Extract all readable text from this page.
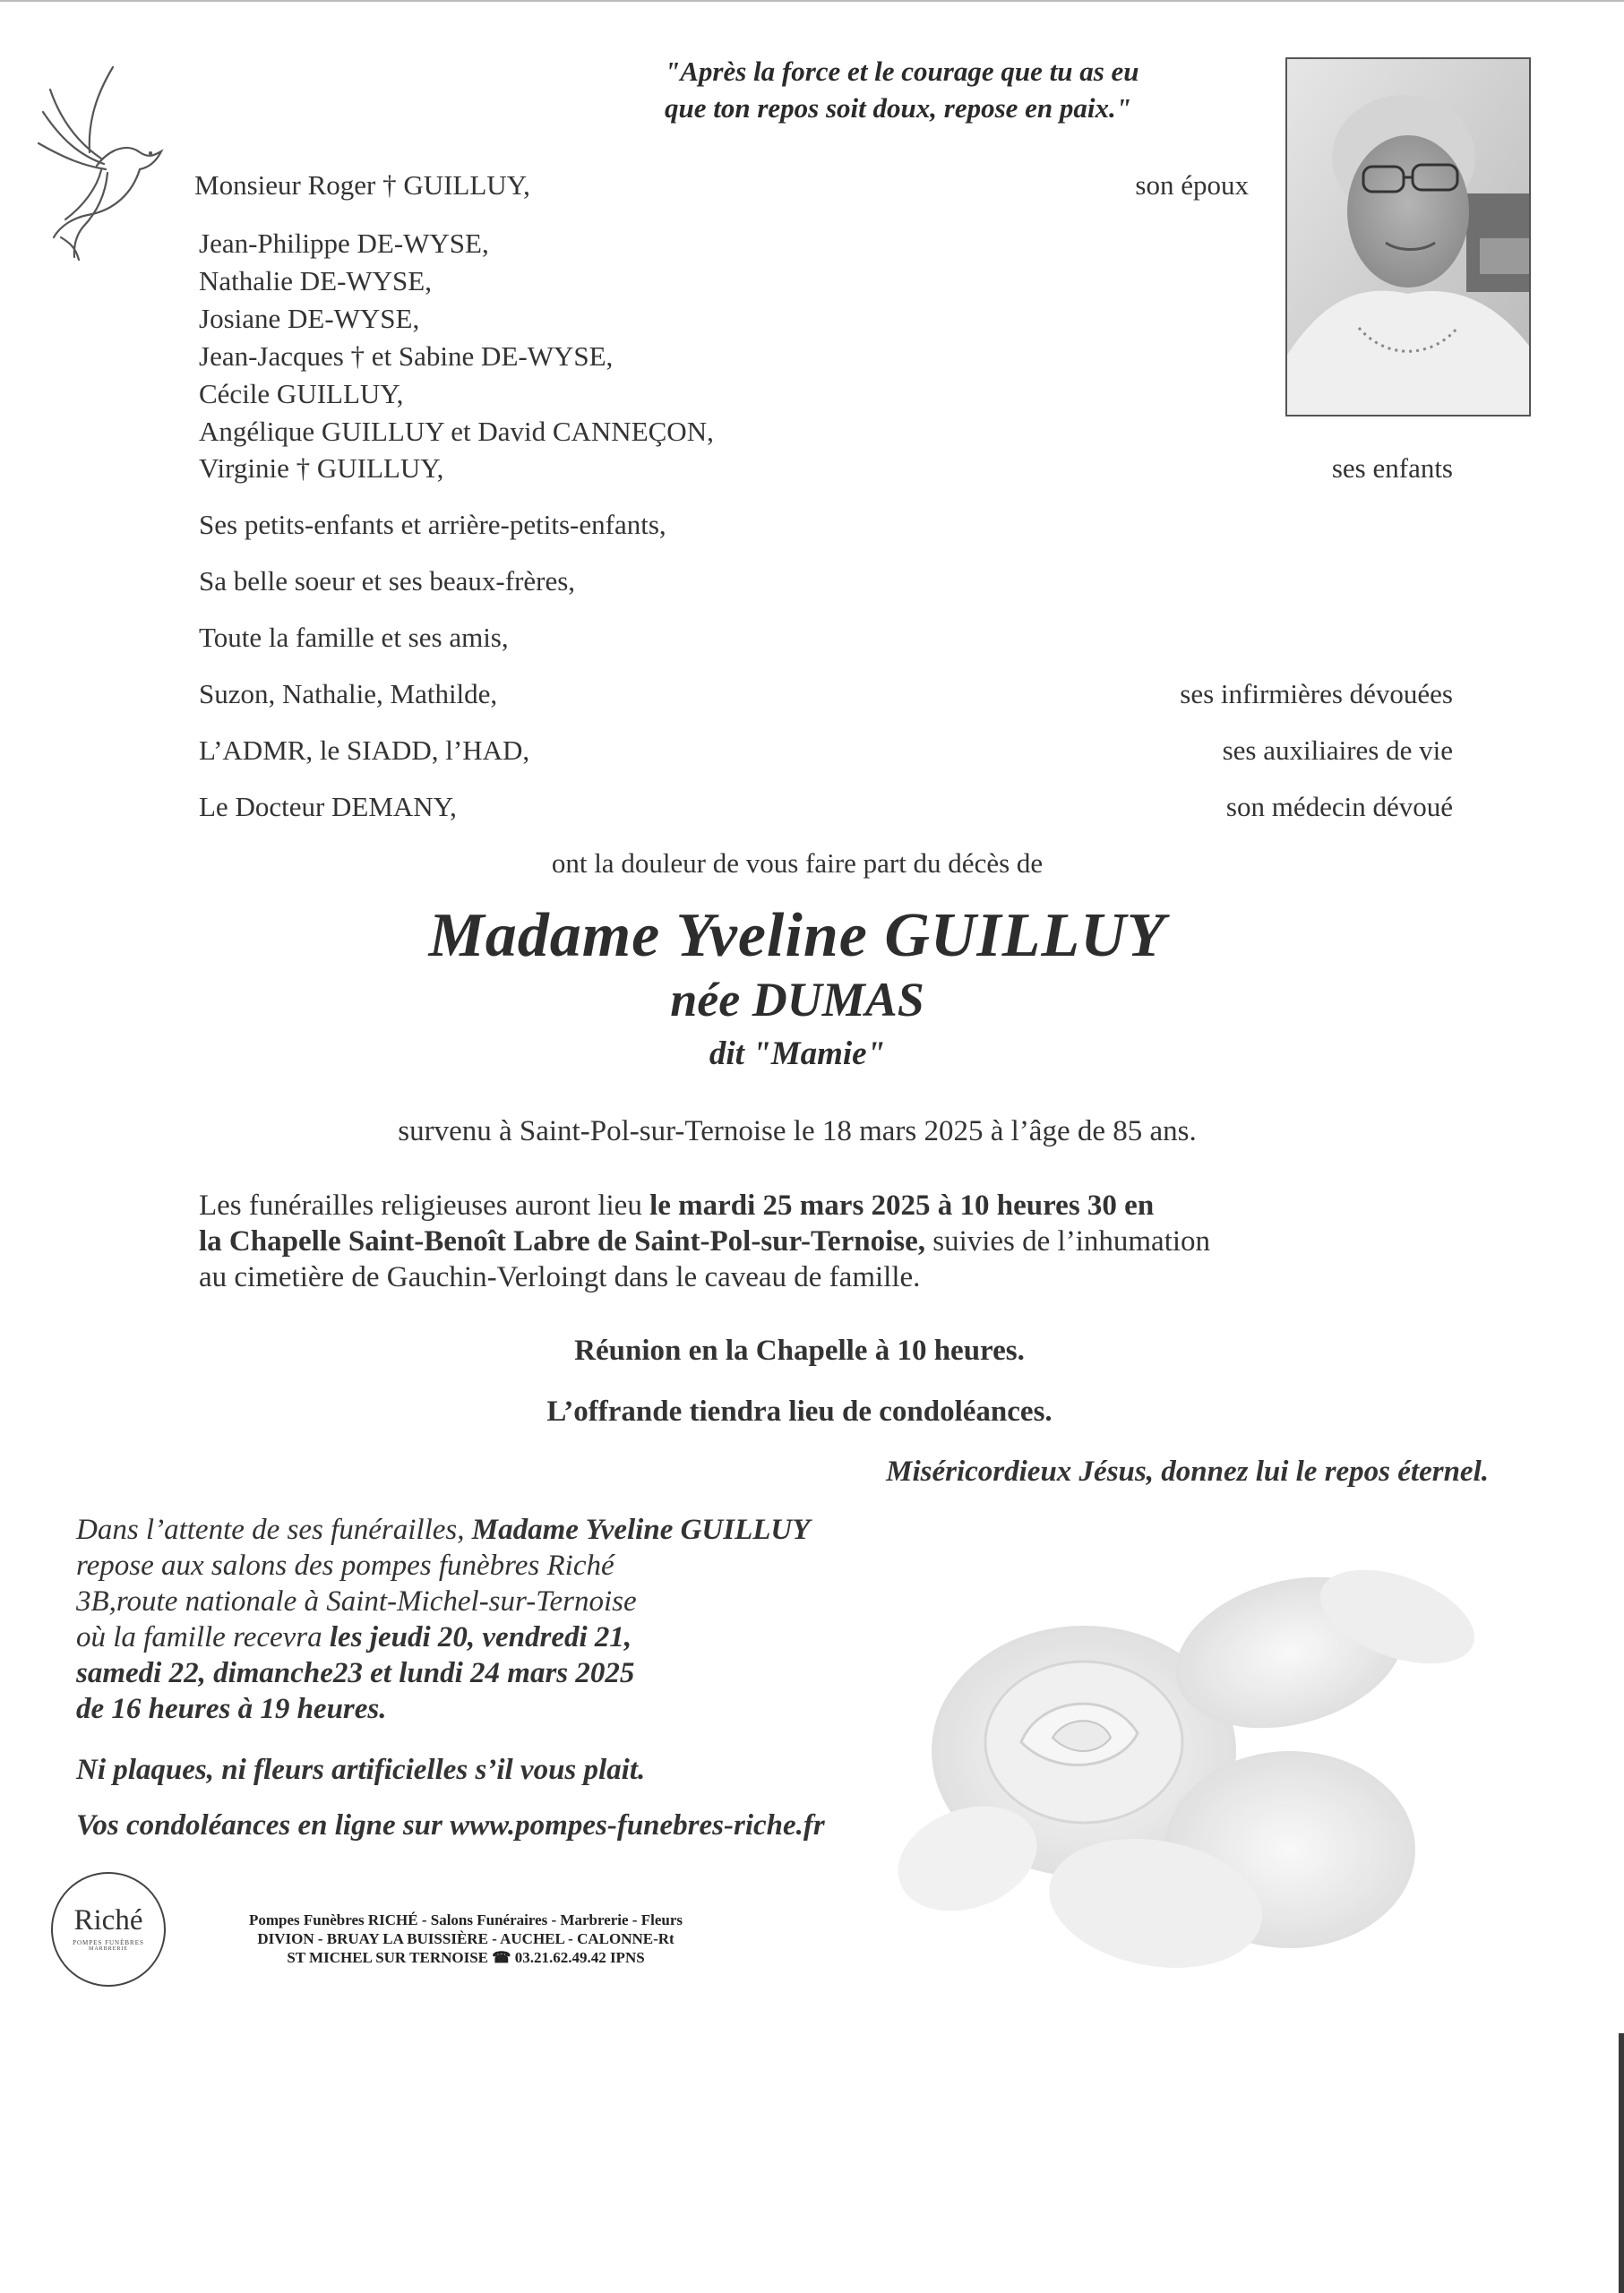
"Après la force et le courage que tu as eu
que ton repos soit doux, repose en paix."
Monsieur Roger † GUILLUY,	son époux
Jean-Philippe DE-WYSE,
Nathalie DE-WYSE,
Josiane DE-WYSE,
Jean-Jacques † et Sabine DE-WYSE,
Cécile GUILLUY,
Angélique GUILLUY et David CANNEÇON,
Virginie † GUILLUY,	ses enfants
Ses petits-enfants et arrière-petits-enfants,
Sa belle soeur et ses beaux-frères,
Toute la famille et ses amis,
Suzon, Nathalie, Mathilde,	ses infirmières dévouées
L’ADMR, le SIADD, l’HAD,	ses auxiliaires de vie
Le Docteur DEMANY,	son médecin dévoué
ont la douleur de vous faire part du décès de
Madame Yveline GUILLUY
née DUMAS
dit "Mamie"
survenu à Saint-Pol-sur-Ternoise le 18 mars 2025 à l’âge de 85 ans.
Les funérailles religieuses auront lieu le mardi 25 mars 2025 à 10 heures 30 en
la Chapelle Saint-Benoît Labre de Saint-Pol-sur-Ternoise, suivies de l’inhumation
au cimetière de Gauchin-Verloingt dans le caveau de famille.
Réunion en la Chapelle à 10 heures.
L’offrande tiendra lieu de condoléances.
Miséricordieux Jésus, donnez lui le repos éternel.
Dans l’attente de ses funérailles, Madame Yveline GUILLUY
repose aux salons des pompes funèbres Riché
3B,route nationale à Saint-Michel-sur-Ternoise
où la famille recevra les jeudi 20, vendredi 21,
samedi 22, dimanche23 et lundi 24 mars 2025
de 16 heures à 19 heures.
Ni plaques, ni fleurs artificielles s’il vous plait.
Vos condoléances en ligne sur www.pompes-funebres-riche.fr
Riché
POMPES FUNÈBRES
MARBRERIE
Pompes Funèbres RICHÉ - Salons Funéraires - Marbrerie - Fleurs
DIVION - BRUAY LA BUISSIÈRE - AUCHEL - CALONNE-Rt
ST MICHEL SUR TERNOISE ☎ 03.21.62.49.42 IPNS
